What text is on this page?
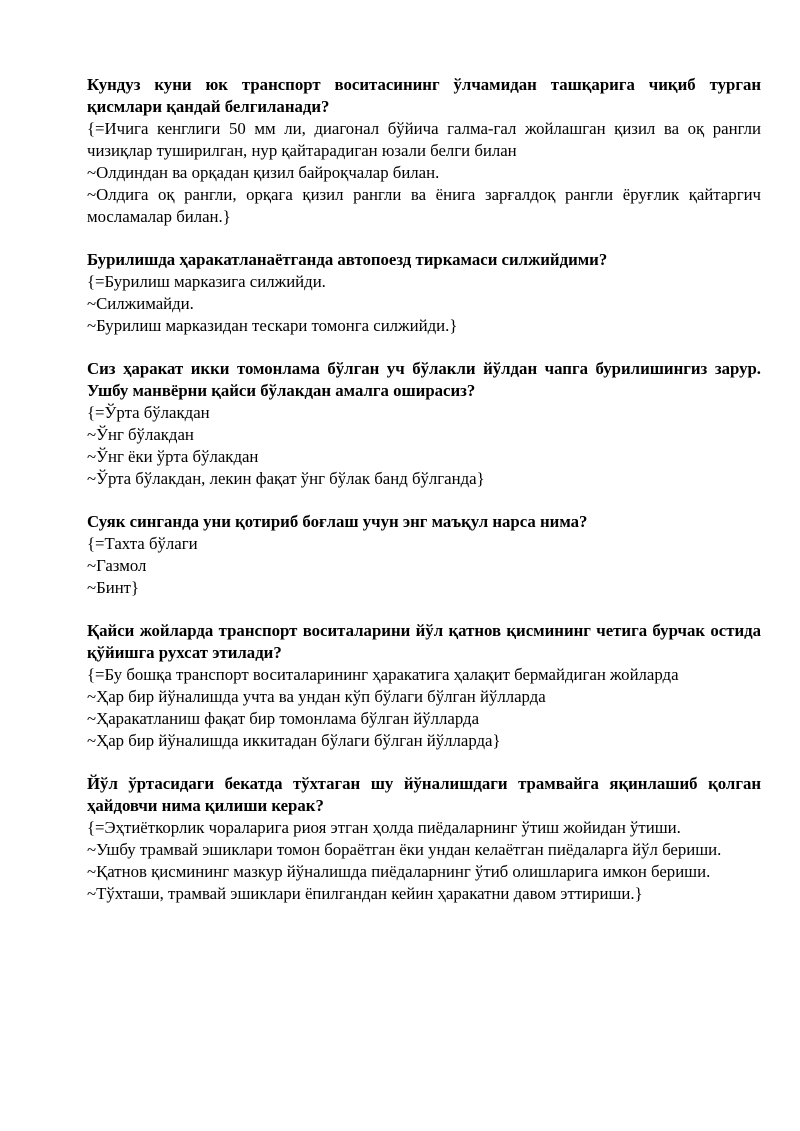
Кундуз куни юк транспорт воситасининг ўлчамидан ташқарига чиқиб турган қисмлари қандай белгиланади?

{=Ичига кенглиги 50 мм ли, диагонал бўйича галма-гал жойлашган қизил ва оқ рангли чизиқлар туширилган, нур қайтарадиган юзали белги билан

~Олдиндан ва орқадан қизил байроқчалар билан.

~Олдига оқ рангли, орқага қизил рангли ва ёнига зарғалдоқ рангли ёруғлик қайтаргич мосламалар билан.}

Бурилишда ҳаракатланаётганда автопоезд тиркамаси силжийдими?

{=Бурилиш марказига силжийди.

~Силжимайди.

~Бурилиш марказидан тескари томонга силжийди.}

Сиз ҳаракат икки томонлама бўлган уч бўлакли йўлдан чапга бурилишингиз зарур. Ушбу манвёрни қайси бўлакдан амалга оширасиз?

{=Ўрта бўлакдан

~Ўнг бўлакдан

~Ўнг ёки ўрта бўлакдан

~Ўрта бўлакдан, лекин фақат ўнг бўлак банд бўлганда}

Суяк синганда уни қотириб боғлаш учун энг маъқул нарса нима?

{=Тахта бўлаги

~Газмол

~Бинт}

Қайси жойларда транспорт воситаларини йўл қатнов қисмининг четига бурчак остида қўйишга рухсат этилади?

{=Бу бошқа транспорт воситаларининг ҳаракатига ҳалақит бермайдиган жойларда

~Ҳар бир йўналишда учта ва ундан кўп бўлаги бўлган йўлларда

~Ҳаракатланиш фақат бир томонлама бўлган йўлларда

~Ҳар бир йўналишда иккитадан бўлаги бўлган йўлларда}

Йўл ўртасидаги бекатда тўхтаган шу йўналишдаги трамвайга яқинлашиб қолган ҳайдовчи нима қилиши керак?

{=Эҳтиёткорлик чораларига риоя этган ҳолда пиёдаларнинг ўтиш жойидан ўтиши.

~Ушбу трамвай эшиклари томон бораётган ёки ундан келаётган пиёдаларга йўл бериши.

~Қатнов қисмининг мазкур йўналишда пиёдаларнинг ўтиб олишларига имкон бериши.

~Тўхташи, трамвай эшиклари ёпилгандан кейин ҳаракатни давом эттириши.}
